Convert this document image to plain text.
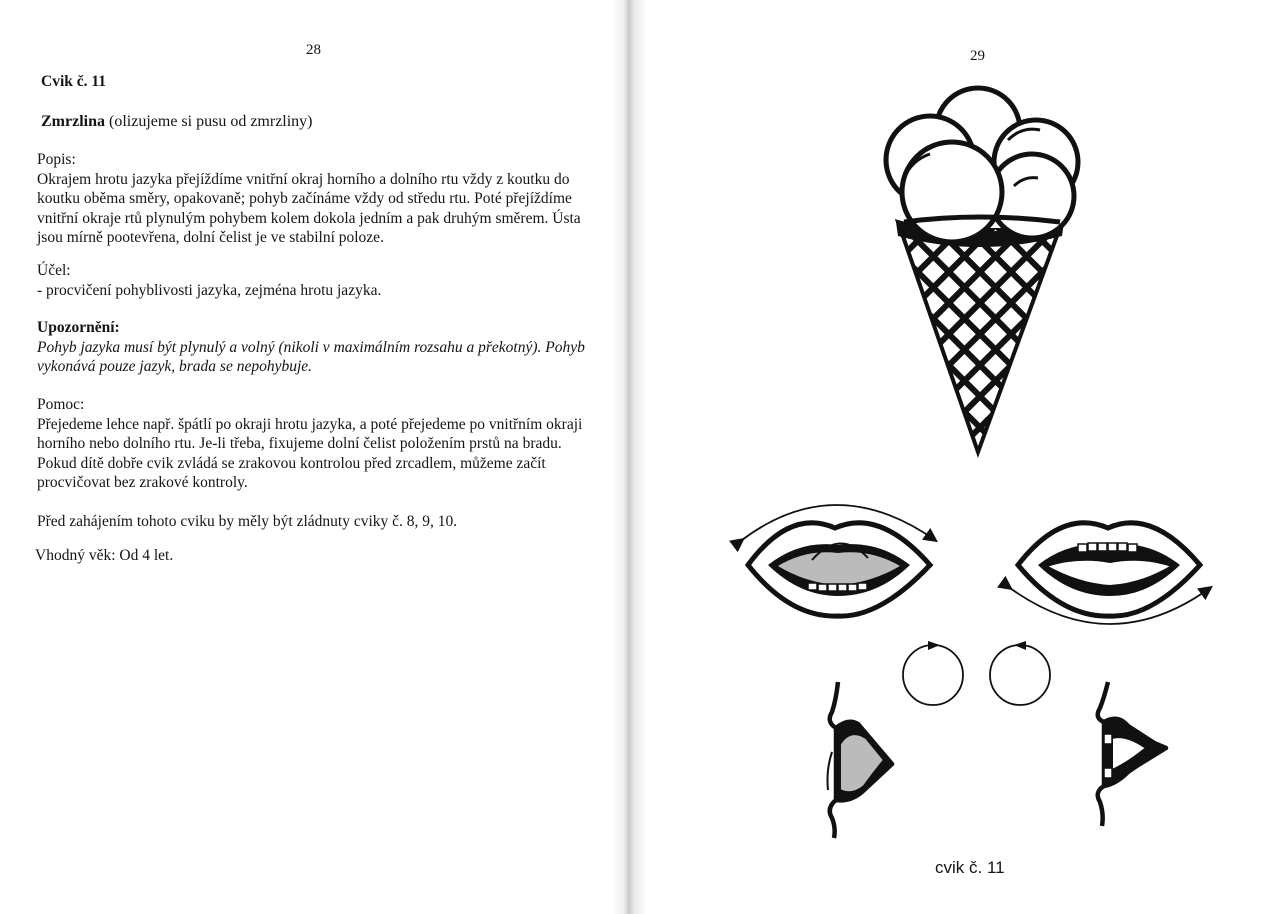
28
Cvik č. 11
Zmrzlina (olizujeme si pusu od zmrzliny)
Popis:
Okrajem hrotu jazyka přejíždíme vnitřní okraj horního a dolního rtu vždy z koutku do koutku oběma směry, opakovaně; pohyb začínáme vždy od středu rtu. Poté přejíždíme vnitřní okraje rtů plynulým pohybem kolem dokola jedním a pak druhým směrem. Ústa jsou mírně pootevřena, dolní čelist je ve stabilní poloze.
Účel:
- procvičení pohyblivosti jazyka, zejména hrotu jazyka.
Upozornění:
Pohyb jazyka musí být plynulý a volný (nikoli v maximálním rozsahu a překotný). Pohyb vykonává pouze jazyk, brada se nepohybuje.
Pomoc:
Přejedeme lehce např. špátlí po okraji hrotu jazyka, a poté přejedeme po vnitřním okraji horního nebo dolního rtu. Je-li třeba, fixujeme dolní čelist položením prstů na bradu. Pokud dítě dobře cvik zvládá se zrakovou kontrolou před zrcadlem, můžeme začít procvičovat bez zrakové kontroly.
Před zahájením tohoto cviku by měly být zládnuty cviky č. 8, 9, 10.
Vhodný věk: Od 4 let.
29
cvik č. 11
